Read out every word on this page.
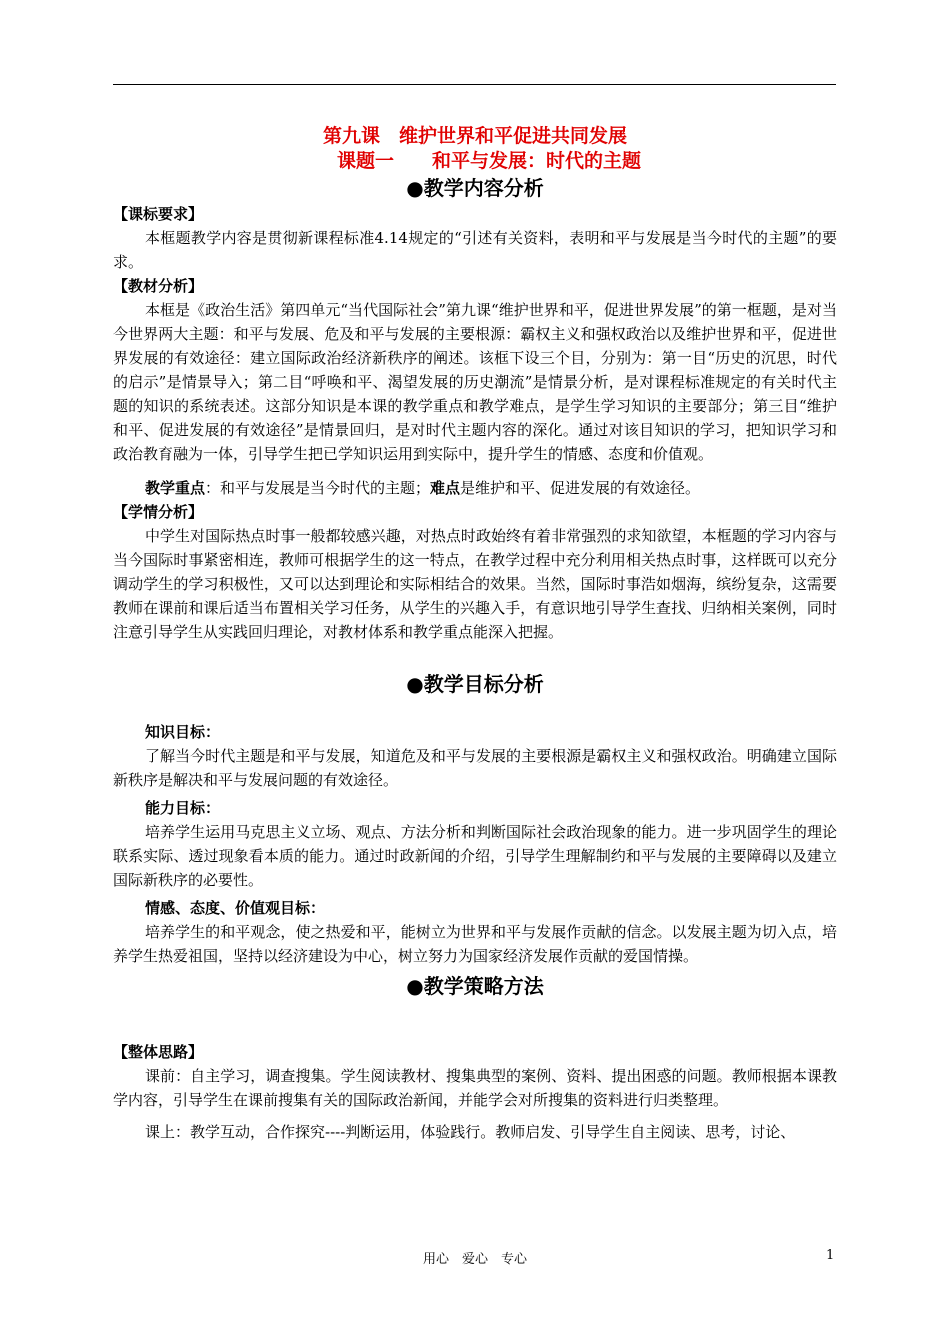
第九课　维护世界和平促进共同发展
课题一　　和平与发展：时代的主题
●教学内容分析
【课标要求】

本框题教学内容是贯彻新课程标准4.14规定的“引述有关资料，表明和平与发展是当今时代的主题”的要求。

【教材分析】

本框是《政治生活》第四单元“当代国际社会”第九课“维护世界和平，促进世界发展”的第一框题，是对当今世界两大主题：和平与发展、危及和平与发展的主要根源：霸权主义和强权政治以及维护世界和平，促进世界发展的有效途径：建立国际政治经济新秩序的阐述。该框下设三个目，分别为：第一目“历史的沉思，时代的启示”是情景导入；第二目“呼唤和平、渴望发展的历史潮流”是情景分析，是对课程标准规定的有关时代主题的知识的系统表述。这部分知识是本课的教学重点和教学难点，是学生学习知识的主要部分；第三目“维护和平、促进发展的有效途径”是情景回归，是对时代主题内容的深化。通过对该目知识的学习，把知识学习和政治教育融为一体，引导学生把已学知识运用到实际中，提升学生的情感、态度和价值观。

教学重点：和平与发展是当今时代的主题；难点是维护和平、促进发展的有效途径。

【学情分析】

中学生对国际热点时事一般都较感兴趣，对热点时政始终有着非常强烈的求知欲望，本框题的学习内容与当今国际时事紧密相连，教师可根据学生的这一特点，在教学过程中充分利用相关热点时事，这样既可以充分调动学生的学习积极性，又可以达到理论和实际相结合的效果。当然，国际时事浩如烟海，缤纷复杂，这需要教师在课前和课后适当布置相关学习任务，从学生的兴趣入手，有意识地引导学生查找、归纳相关案例，同时注意引导学生从实践回归理论，对教材体系和教学重点能深入把握。

●教学目标分析
知识目标：

了解当今时代主题是和平与发展，知道危及和平与发展的主要根源是霸权主义和强权政治。明确建立国际新秩序是解决和平与发展问题的有效途径。

能力目标：

培养学生运用马克思主义立场、观点、方法分析和判断国际社会政治现象的能力。进一步巩固学生的理论联系实际、透过现象看本质的能力。通过时政新闻的介绍，引导学生理解制约和平与发展的主要障碍以及建立国际新秩序的必要性。

情感、态度、价值观目标：

培养学生的和平观念，使之热爱和平，能树立为世界和平与发展作贡献的信念。以发展主题为切入点，培养学生热爱祖国，坚持以经济建设为中心，树立努力为国家经济发展作贡献的爱国情操。

●教学策略方法
【整体思路】

课前：自主学习，调查搜集。学生阅读教材、搜集典型的案例、资料、提出困惑的问题。教师根据本课教学内容，引导学生在课前搜集有关的国际政治新闻，并能学会对所搜集的资料进行归类整理。

课上：教学互动，合作探究----判断运用，体验践行。教师启发、引导学生自主阅读、思考，讨论、

用心　爱心　专心	1
